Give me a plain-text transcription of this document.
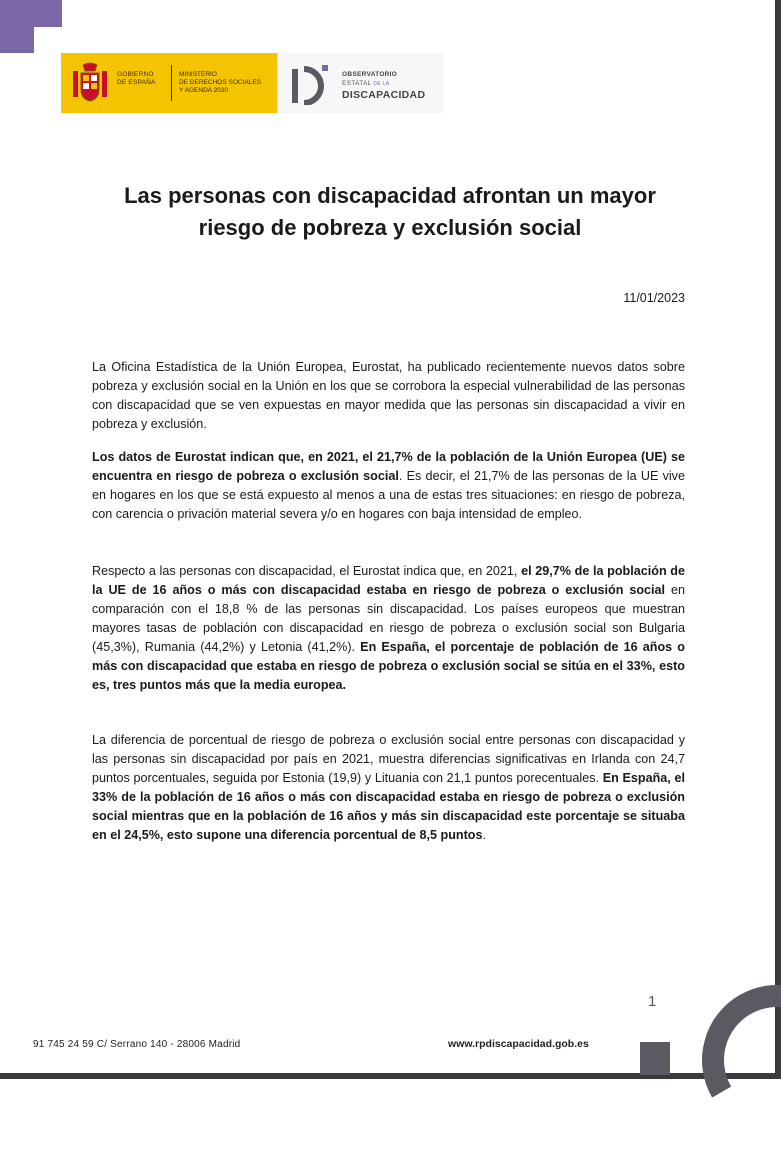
GOBIERNO
DE ESPAÑA
MINISTERIO
DE DERECHOS SOCIALES
Y AGENDA 2030
OBSERVATORIO
ESTATAL DE LA
DISCAPACIDAD
Las personas con discapacidad afrontan un mayor riesgo de pobreza y exclusión social
11/01/2023

La Oficina Estadística de la Unión Europea, Eurostat, ha publicado recientemente nuevos datos sobre pobreza y exclusión social en la Unión en los que se corrobora la especial vulnerabilidad de las personas con discapacidad que se ven expuestas en mayor medida que las personas sin discapacidad a vivir en pobreza y exclusión.

Los datos de Eurostat indican que, en 2021, el 21,7% de la población de la Unión Europea (UE) se encuentra en riesgo de pobreza o exclusión social. Es decir, el 21,7% de las personas de la UE vive en hogares en los que se está expuesto al menos a una de estas tres situaciones: en riesgo de pobreza, con carencia o privación material severa y/o en hogares con baja intensidad de empleo.

Respecto a las personas con discapacidad, el Eurostat indica que, en 2021, el 29,7% de la población de la UE de 16 años o más con discapacidad estaba en riesgo de pobreza o exclusión social en comparación con el 18,8 % de las personas sin discapacidad. Los países europeos que muestran mayores tasas de población con discapacidad en riesgo de pobreza o exclusión social son Bulgaria (45,3%), Rumania (44,2%) y Letonia (41,2%). En España, el porcentaje de población de 16 años o más con discapacidad que estaba en riesgo de pobreza o exclusión social se sitúa en el 33%, esto es, tres puntos más que la media europea.

La diferencia de porcentual de riesgo de pobreza o exclusión social entre personas con discapacidad y las personas sin discapacidad por país en 2021, muestra diferencias significativas en Irlanda con 24,7 puntos porcentuales, seguida por Estonia (19,9) y Lituania con 21,1 puntos porecentuales. En España, el 33% de la población de 16 años o más con discapacidad estaba en riesgo de pobreza o exclusión social mientras que en la población de 16 años y más sin discapacidad este porcentaje se situaba en el 24,5%, esto supone una diferencia porcentual de 8,5 puntos.

1
91 745 24 59 C/ Serrano 140 - 28006 Madrid	www.rpdiscapacidad.gob.es
